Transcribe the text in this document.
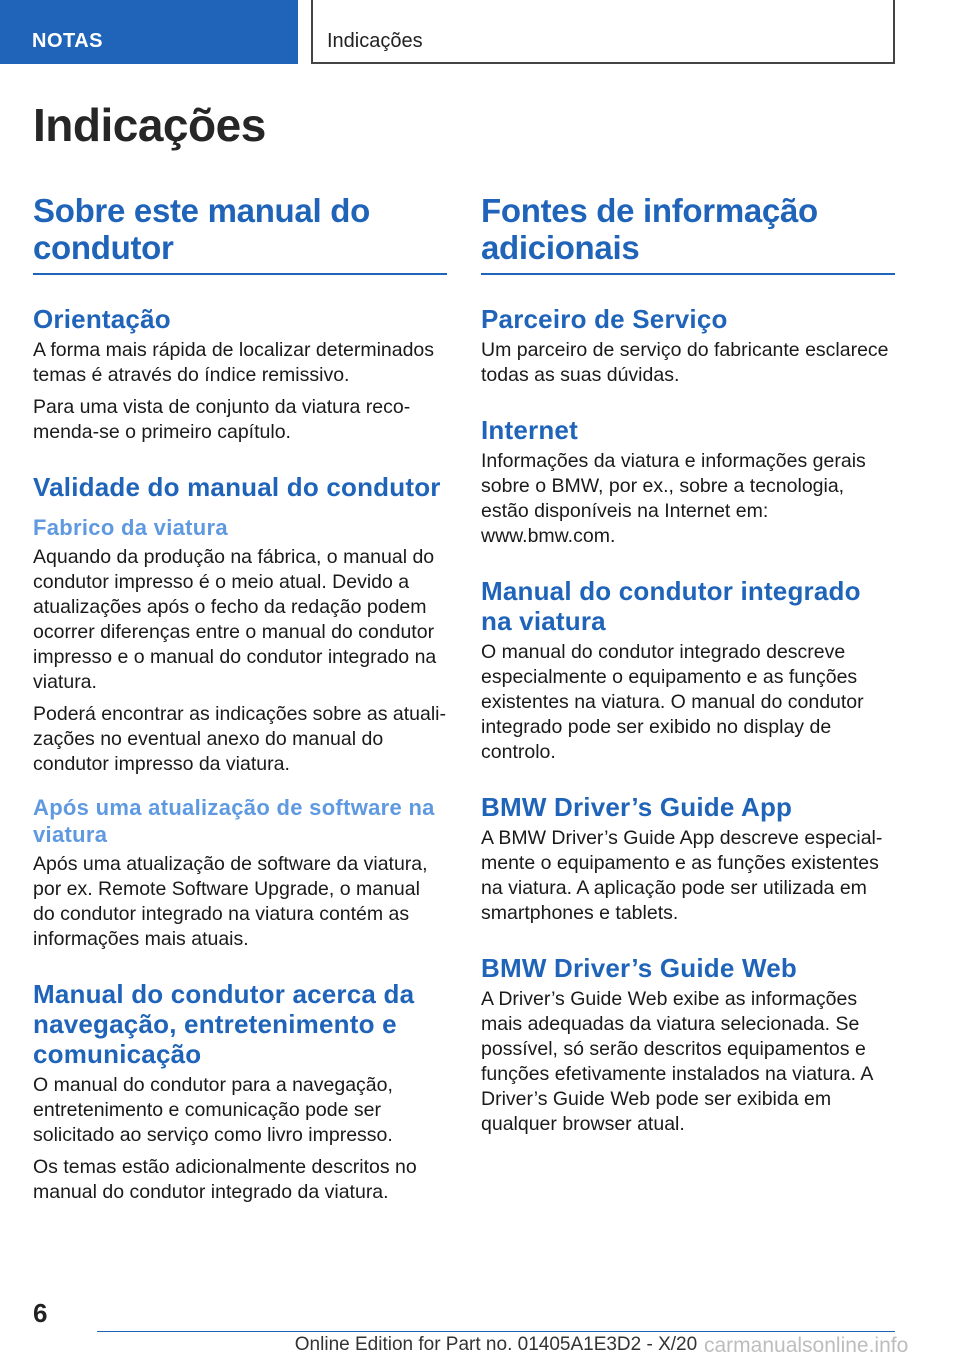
NOTAS	Indicações
Indicações
Sobre este manual do condutor
Orientação

A forma mais rápida de localizar determinados temas é através do índice remissivo.

Para uma vista de conjunto da viatura recomenda-se o primeiro capítulo.

Validade do manual do condutor
Fabrico da viatura

Aquando da produção na fábrica, o manual do condutor impresso é o meio atual. Devido a atualizações após o fecho da redação podem ocorrer diferenças entre o manual do condutor impresso e o manual do condutor integrado na viatura.

Poderá encontrar as indicações sobre as atualizações no eventual anexo do manual do condutor impresso da viatura.

Após uma atualização de software na viatura

Após uma atualização de software da viatura, por ex. Remote Software Upgrade, o manual do condutor integrado na viatura contém as informações mais atuais.

Manual do condutor acerca da navegação, entretenimento e comunicação

O manual do condutor para a navegação, entretenimento e comunicação pode ser solicitado ao serviço como livro impresso.

Os temas estão adicionalmente descritos no manual do condutor integrado da viatura.

Fontes de informação adicionais
Parceiro de Serviço

Um parceiro de serviço do fabricante esclarece todas as suas dúvidas.

Internet

Informações da viatura e informações gerais sobre o BMW, por ex., sobre a tecnologia, estão disponíveis na Internet em: www.bmw.com.

Manual do condutor integrado na viatura

O manual do condutor integrado descreve especialmente o equipamento e as funções existentes na viatura. O manual do condutor integrado pode ser exibido no display de controlo.

BMW Driver’s Guide App

A BMW Driver’s Guide App descreve especialmente o equipamento e as funções existentes na viatura. A aplicação pode ser utilizada em smartphones e tablets.

BMW Driver’s Guide Web

A Driver’s Guide Web exibe as informações mais adequadas da viatura selecionada. Se possível, só serão descritos equipamentos e funções efetivamente instalados na viatura. A Driver’s Guide Web pode ser exibida em qualquer browser atual.

6
Online Edition for Part no. 01405A1E3D2 - X/20 carmanualsonline.info
